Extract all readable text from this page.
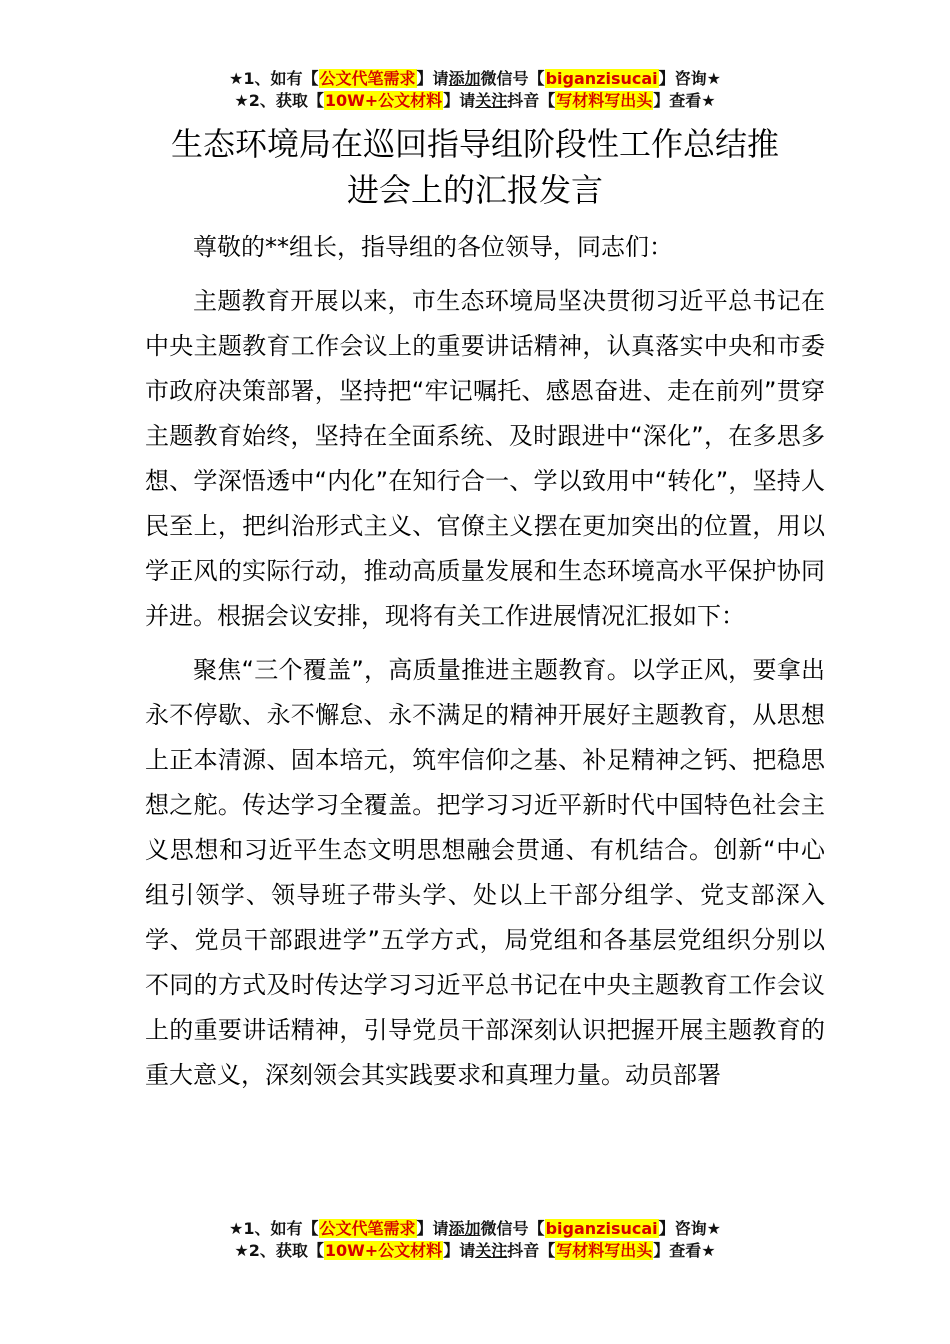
★1、如有【公文代笔需求】请添加微信号【biganzisucai】咨询★
★2、获取【10W+公文材料】请关注抖音【写材料写出头】查看★
生态环境局在巡回指导组阶段性工作总结推
进会上的汇报发言

尊敬的**组长，指导组的各位领导，同志们：

主题教育开展以来，市生态环境局坚决贯彻习近平总书记在中央主题教育工作会议上的重要讲话精神，认真落实中央和市委市政府决策部署，坚持把“牢记嘱托、感恩奋进、走在前列”贯穿主题教育始终，坚持在全面系统、及时跟进中“深化”，在多思多想、学深悟透中“内化”在知行合一、学以致用中“转化”，坚持人民至上，把纠治形式主义、官僚主义摆在更加突出的位置，用以学正风的实际行动，推动高质量发展和生态环境高水平保护协同并进。根据会议安排，现将有关工作进展情况汇报如下：

聚焦“三个覆盖”，高质量推进主题教育。以学正风，要拿出永不停歇、永不懈怠、永不满足的精神开展好主题教育，从思想上正本清源、固本培元，筑牢信仰之基、补足精神之钙、把稳思想之舵。传达学习全覆盖。把学习习近平新时代中国特色社会主义思想和习近平生态文明思想融会贯通、有机结合。创新“中心组引领学、领导班子带头学、处以上干部分组学、党支部深入学、党员干部跟进学”五学方式，局党组和各基层党组织分别以不同的方式及时传达学习习近平总书记在中央主题教育工作会议上的重要讲话精神，引导党员干部深刻认识把握开展主题教育的重大意义，深刻领会其实践要求和真理力量。动员部署

★1、如有【公文代笔需求】请添加微信号【biganzisucai】咨询★
★2、获取【10W+公文材料】请关注抖音【写材料写出头】查看★
